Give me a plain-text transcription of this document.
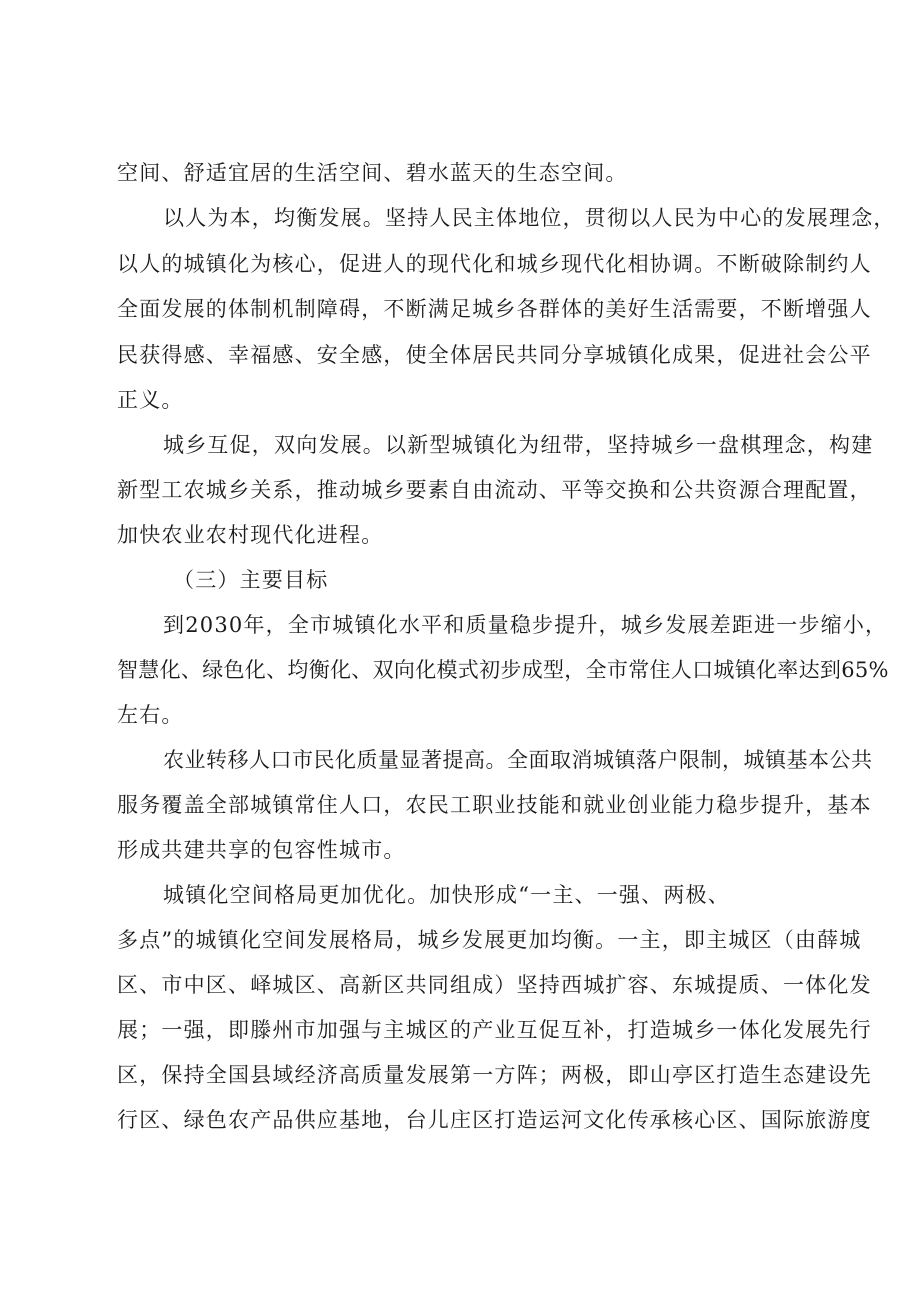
空间、舒适宜居的生活空间、碧水蓝天的生态空间。
以人为本，均衡发展。坚持人民主体地位，贯彻以人民为中心的发展理念，
以人的城镇化为核心，促进人的现代化和城乡现代化相协调。不断破除制约人
全面发展的体制机制障碍，不断满足城乡各群体的美好生活需要，不断增强人
民获得感、幸福感、安全感，使全体居民共同分享城镇化成果，促进社会公平
正义。
城乡互促，双向发展。以新型城镇化为纽带，坚持城乡一盘棋理念，构建
新型工农城乡关系，推动城乡要素自由流动、平等交换和公共资源合理配置，
加快农业农村现代化进程。
（三）主要目标
到2030年，全市城镇化水平和质量稳步提升，城乡发展差距进一步缩小，
智慧化、绿色化、均衡化、双向化模式初步成型，全市常住人口城镇化率达到65%
左右。
农业转移人口市民化质量显著提高。全面取消城镇落户限制，城镇基本公共
服务覆盖全部城镇常住人口，农民工职业技能和就业创业能力稳步提升，基本
形成共建共享的包容性城市。
城镇化空间格局更加优化。加快形成“一主、一强、两极、
多点”的城镇化空间发展格局，城乡发展更加均衡。一主，即主城区（由薛城
区、市中区、峄城区、高新区共同组成）坚持西城扩容、东城提质、一体化发
展；一强，即滕州市加强与主城区的产业互促互补，打造城乡一体化发展先行
区，保持全国县域经济高质量发展第一方阵；两极，即山亭区打造生态建设先
行区、绿色农产品供应基地，台儿庄区打造运河文化传承核心区、国际旅游度
